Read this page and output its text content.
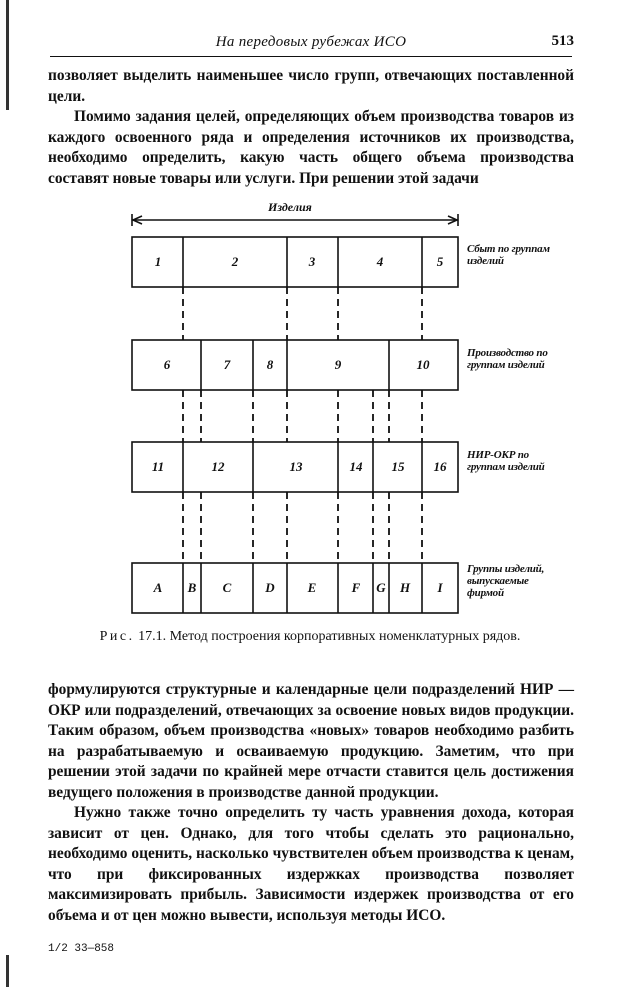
На передовых рубежах ИСО	513

позволяет выделить наименьшее число групп, отвечающих поставленной цели.

Помимо задания целей, определяющих объем производства товаров из каждого освоенного ряда и определения источников их производства, необходимо определить, какую часть общего объема производства составят новые товары или услуги. При решении этой задачи

Изделия
1	2	3	4	5
Сбыт по группам изделий
6	7	8	9	10
Производство по группам изделий
11	12	13	14 15 16
НИР-ОКР по группам изделий
A B C	D	E	F G H I
Группы изделий, выпускаемые фирмой
Рис. 17.1. Метод построения корпоративных номенклатурных рядов.

формулируются структурные и календарные цели подразделений НИР — ОКР или подразделений, отвечающих за освоение новых видов продукции. Таким образом, объем производства «новых» товаров необходимо разбить на разрабатываемую и осваиваемую продукцию. Заметим, что при решении этой задачи по крайней мере отчасти ставится цель достижения ведущего положения в производстве данной продукции.

Нужно также точно определить ту часть уравнения дохода, которая зависит от цен. Однако, для того чтобы сделать это рационально, необходимо оценить, насколько чувствителен объем производства к ценам, что при фиксированных издержках производства позволяет максимизировать прибыль. Зависимости издержек производства от его объема и от цен можно вывести, используя методы ИСО.

1/2 33—858
